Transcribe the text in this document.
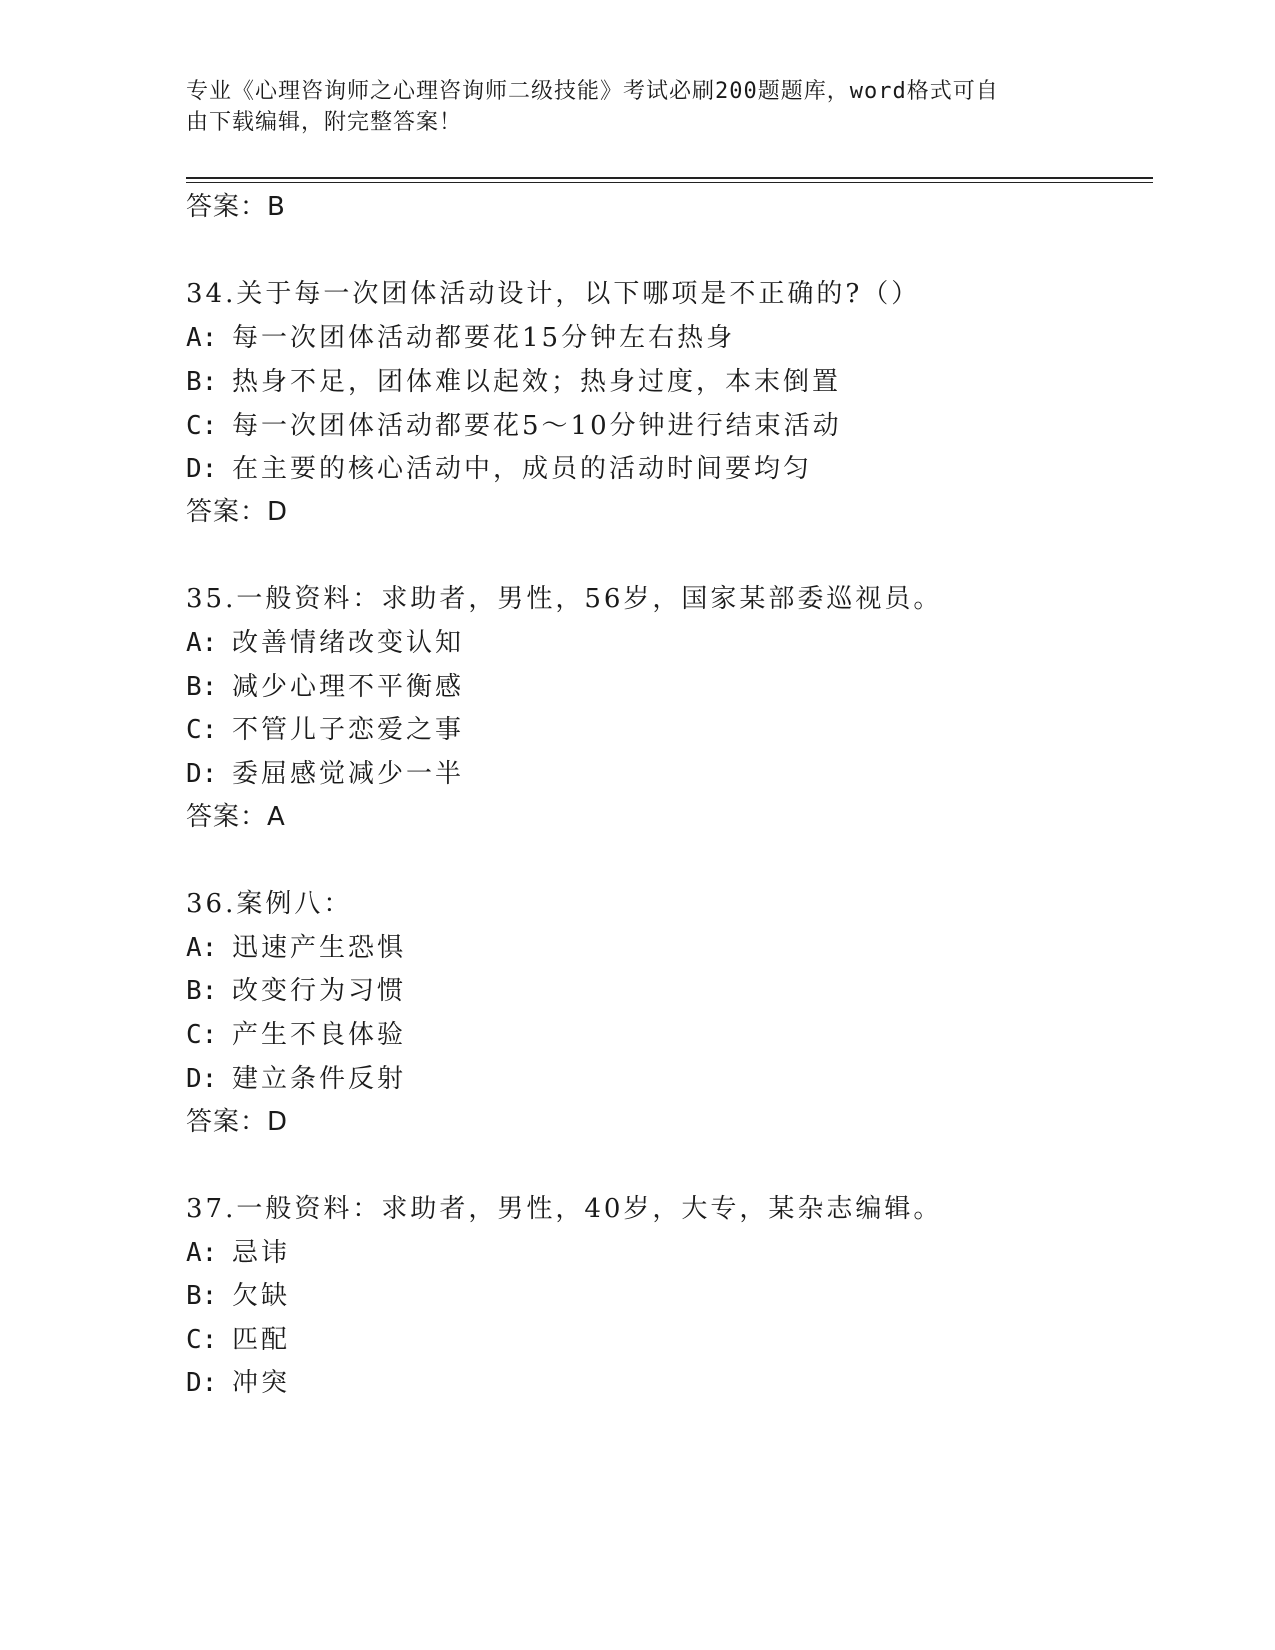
专业《心理咨询师之心理咨询师二级技能》考试必刷200题题库，word格式可自
由下载编辑，附完整答案！
答案：B
34.关于每一次团体活动设计，以下哪项是不正确的?（）
A: 每一次团体活动都要花15分钟左右热身
B: 热身不足，团体难以起效；热身过度，本末倒置
C: 每一次团体活动都要花5～10分钟进行结束活动
D: 在主要的核心活动中，成员的活动时间要均匀
答案：D
35.一般资料：求助者，男性，56岁，国家某部委巡视员。
A: 改善情绪改变认知
B: 减少心理不平衡感
C: 不管儿子恋爱之事
D: 委屈感觉减少一半
答案：A
36.案例八：
A: 迅速产生恐惧
B: 改变行为习惯
C: 产生不良体验
D: 建立条件反射
答案：D
37.一般资料：求助者，男性，40岁，大专，某杂志编辑。
A: 忌讳
B: 欠缺
C: 匹配
D: 冲突
